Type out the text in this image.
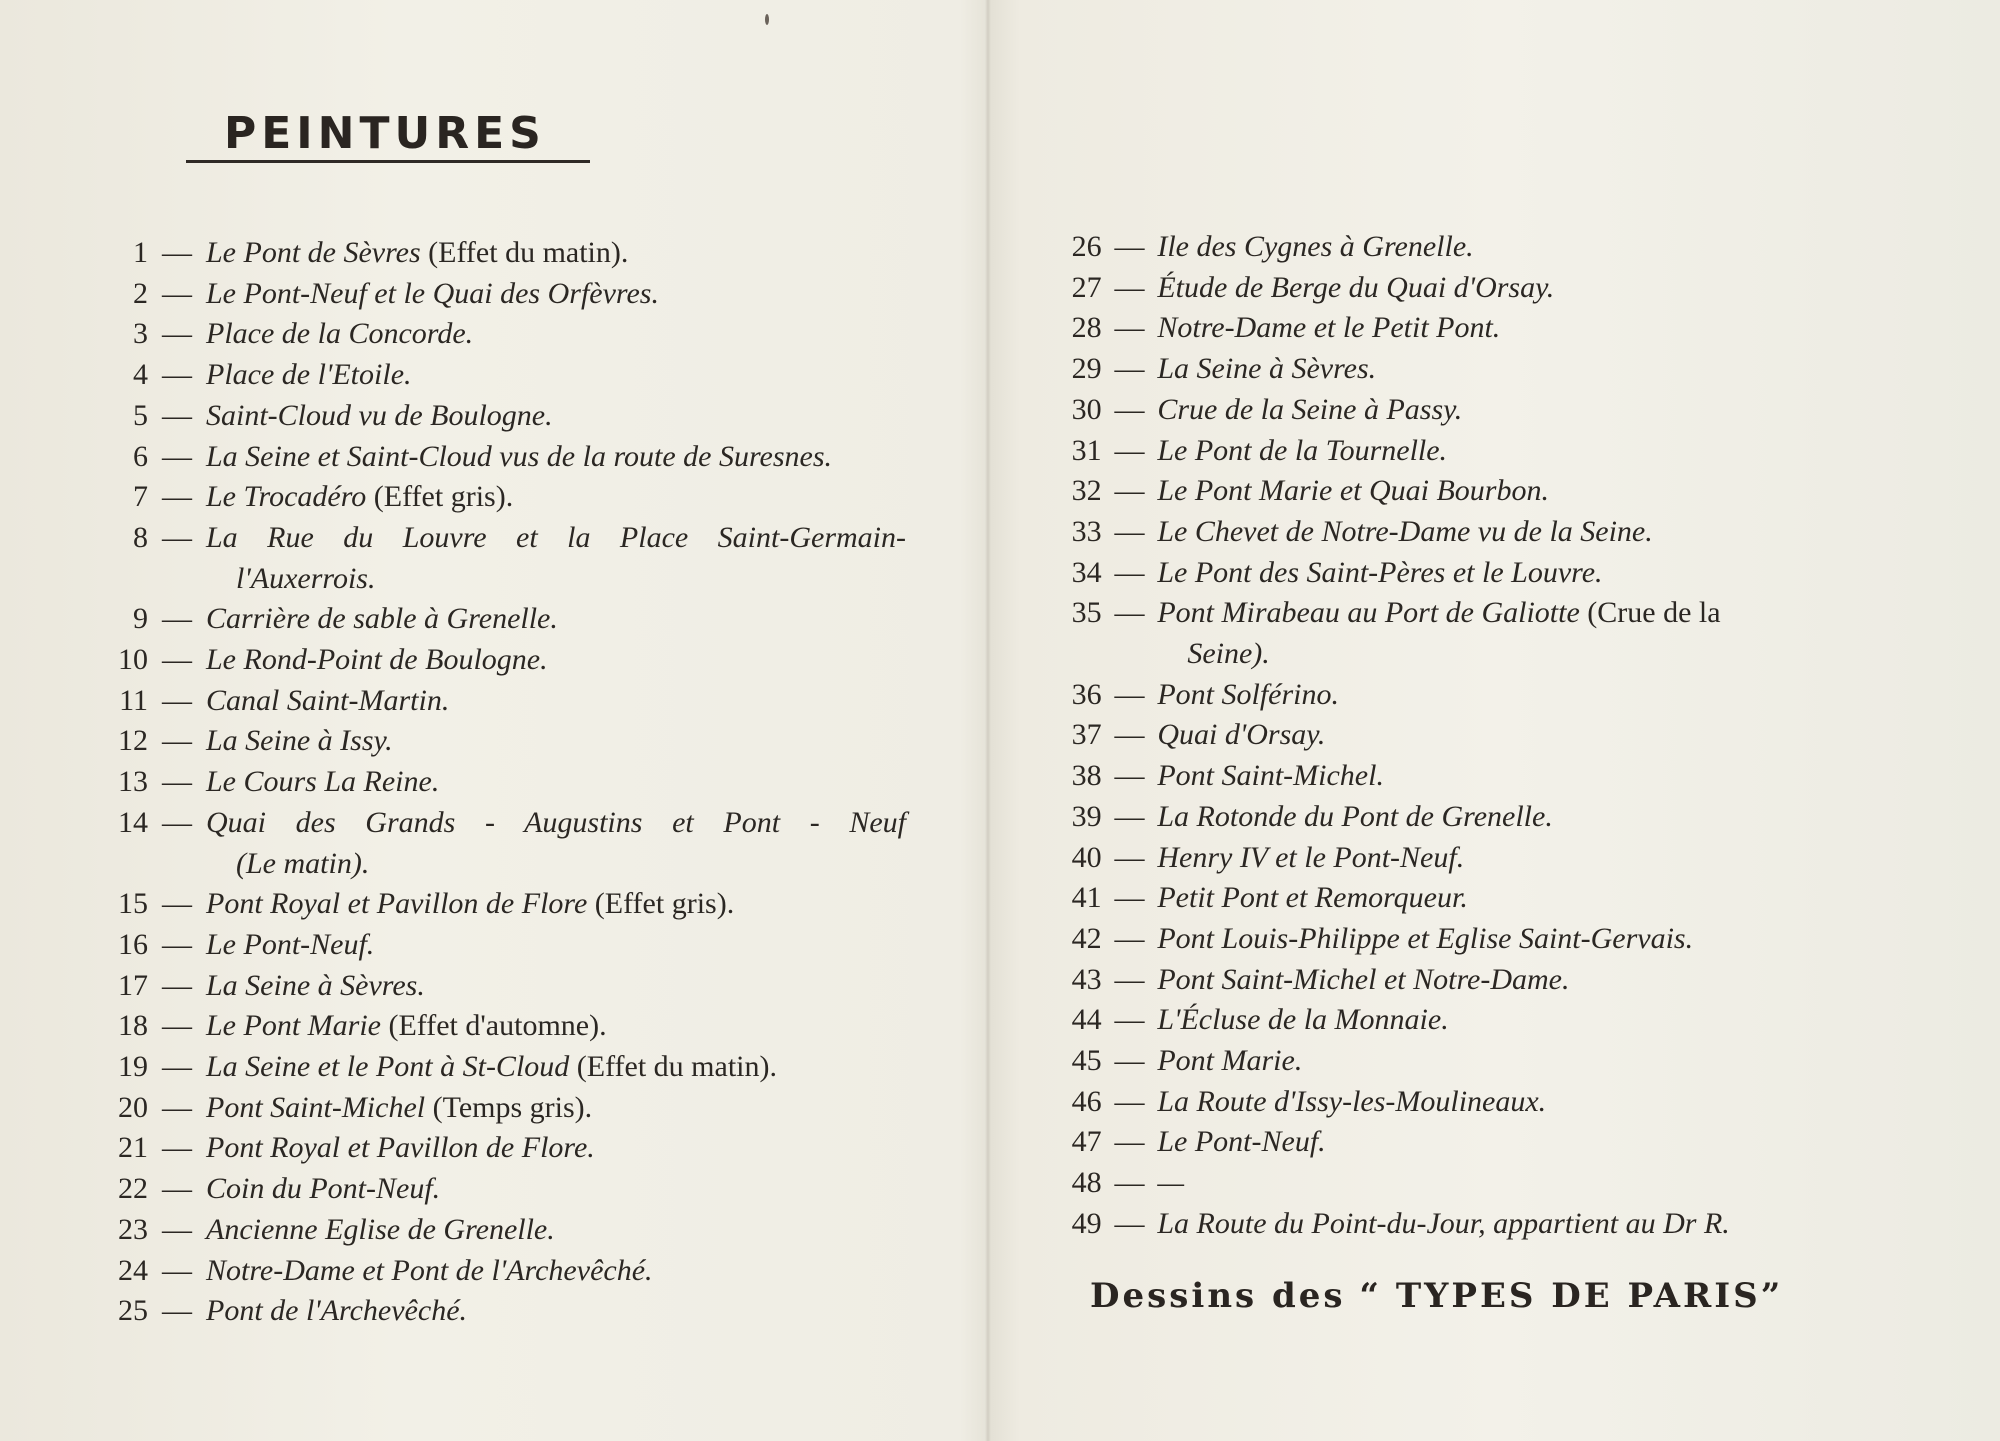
PEINTURES
1 — Le Pont de Sèvres (Effet du matin).
2 — Le Pont-Neuf et le Quai des Orfèvres.
3 — Place de la Concorde.
4 — Place de l'Etoile.
5 — Saint-Cloud vu de Boulogne.
6 — La Seine et Saint-Cloud vus de la route de Suresnes.
7 — Le Trocadéro (Effet gris).
8 — La Rue du Louvre et la Place Saint-Germain-
l'Auxerrois.
9 — Carrière de sable à Grenelle.
10 — Le Rond-Point de Boulogne.
11 — Canal Saint-Martin.
12 — La Seine à Issy.
13 — Le Cours La Reine.
14 — Quai des Grands - Augustins et Pont - Neuf
(Le matin).
15 — Pont Royal et Pavillon de Flore (Effet gris).
16 — Le Pont-Neuf.
17 — La Seine à Sèvres.
18 — Le Pont Marie (Effet d'automne).
19 — La Seine et le Pont à St-Cloud (Effet du matin).
20 — Pont Saint-Michel (Temps gris).
21 — Pont Royal et Pavillon de Flore.
22 — Coin du Pont-Neuf.
23 — Ancienne Eglise de Grenelle.
24 — Notre-Dame et Pont de l'Archevêché.
25 — Pont de l'Archevêché.
26 — Ile des Cygnes à Grenelle.
27 — Étude de Berge du Quai d'Orsay.
28 — Notre-Dame et le Petit Pont.
29 — La Seine à Sèvres.
30 — Crue de la Seine à Passy.
31 — Le Pont de la Tournelle.
32 — Le Pont Marie et Quai Bourbon.
33 — Le Chevet de Notre-Dame vu de la Seine.
34 — Le Pont des Saint-Pères et le Louvre.
35 — Pont Mirabeau au Port de Galiotte (Crue de la
Seine).
36 — Pont Solférino.
37 — Quai d'Orsay.
38 — Pont Saint-Michel.
39 — La Rotonde du Pont de Grenelle.
40 — Henry IV et le Pont-Neuf.
41 — Petit Pont et Remorqueur.
42 — Pont Louis-Philippe et Eglise Saint-Gervais.
43 — Pont Saint-Michel et Notre-Dame.
44 — L'Écluse de la Monnaie.
45 — Pont Marie.
46 — La Route d'Issy-les-Moulineaux.
47 — Le Pont-Neuf.
48 — —
49 — La Route du Point-du-Jour, appartient au Dr R.

Dessins des “ TYPES DE PARIS”
